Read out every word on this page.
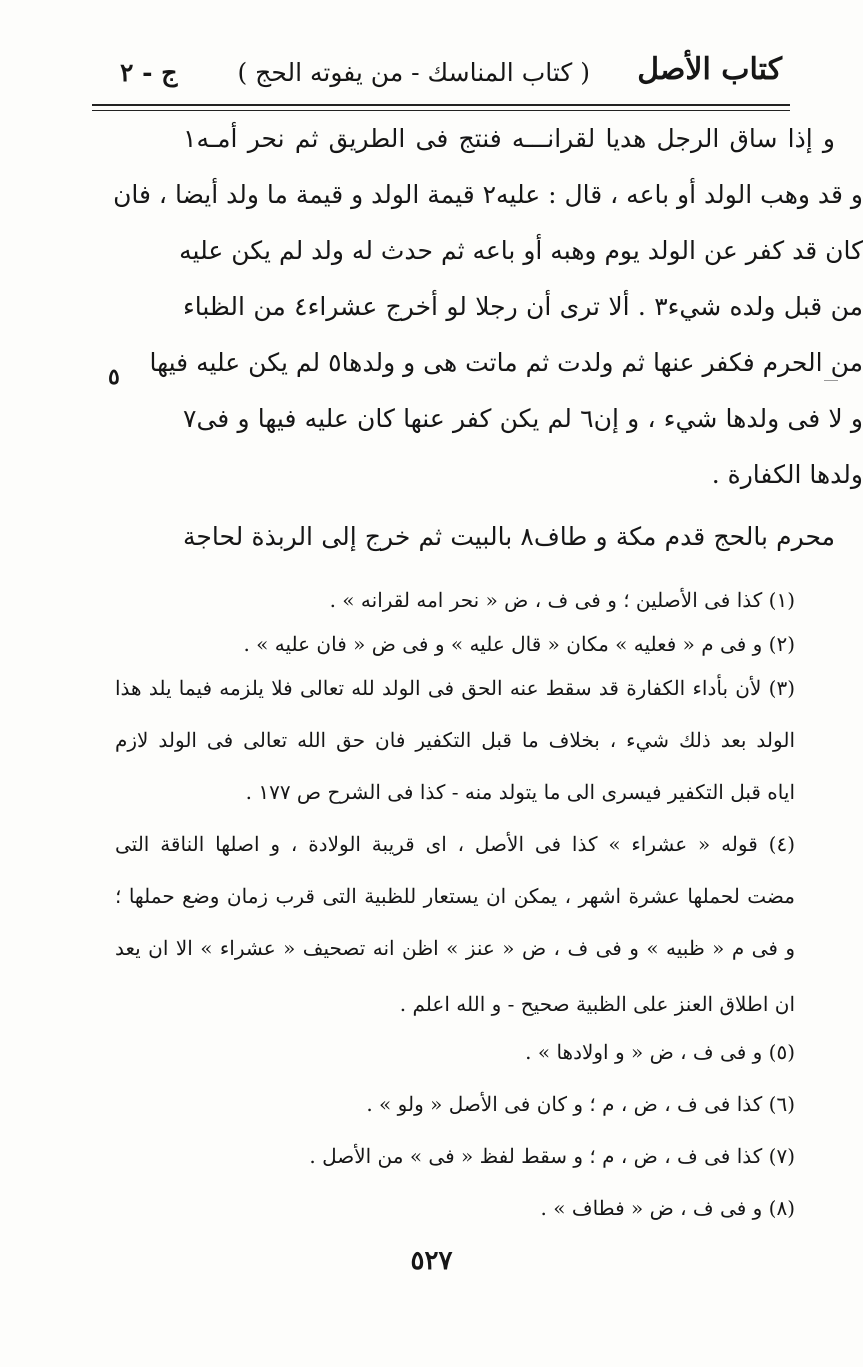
كتاب الأصل
( كتاب المناسك - من يفوته الحج )
ج - ٢
و إذا ساق الرجل هديا لقرانـــه فنتج فى الطريق ثم نحر أمـه١
و قد وهب الولد أو باعه ، قال : عليه٢ قيمة الولد و قيمة ما ولد أيضا ، فان
كان قد كفر عن الولد يوم وهبه أو باعه ثم حدث له ولد لم يكن عليه
من قبل ولده شيء٣ . ألا ترى أن رجلا لو أخرج عشراء٤ من الظباء
من الحرم فكفر عنها ثم ولدت ثم ماتت هى و ولدها٥ لم يكن عليه فيها
و لا فى ولدها شيء ، و إن٦ لم يكن كفر عنها كان عليه فيها و فى٧
ولدها الكفارة .
محرم بالحج قدم مكة و طاف٨ بالبيت ثم خرج إلى الربذة لحاجة
٥
(١) كذا فى الأصلين ؛ و فى ف ، ض « نحر امه لقرانه » .
(٢) و فى م « فعليه » مكان « قال عليه » و فى ض « فان عليه » .
(٣) لأن بأداء الكفارة قد سقط عنه الحق فى الولد لله تعالى فلا يلزمه فيما يلد هذا
الولد بعد ذلك شيء ، بخلاف ما قبل التكفير فان حق الله تعالى فى الولد لازم
اياه قبل التكفير فيسرى الى ما يتولد منه - كذا فى الشرح ص ١٧٧ .
(٤) قوله « عشراء » كذا فى الأصل ، اى قريبة الولادة ، و اصلها الناقة التى
مضت لحملها عشرة اشهر ، يمكن ان يستعار للظبية التى قرب زمان وضع حملها ؛
و فى م « ظبيه » و فى ف ، ض « عنز » اظن انه تصحيف « عشراء » الا ان يعد
ان اطلاق العنز على الظبية صحيح - و الله اعلم .
(٥) و فى ف ، ض « و اولادها » .
(٦) كذا فى ف ، ض ، م ؛ و كان فى الأصل « ولو » .
(٧) كذا فى ف ، ض ، م ؛ و سقط لفظ « فى » من الأصل .
(٨) و فى ف ، ض « فطاف » .
٥٢٧
